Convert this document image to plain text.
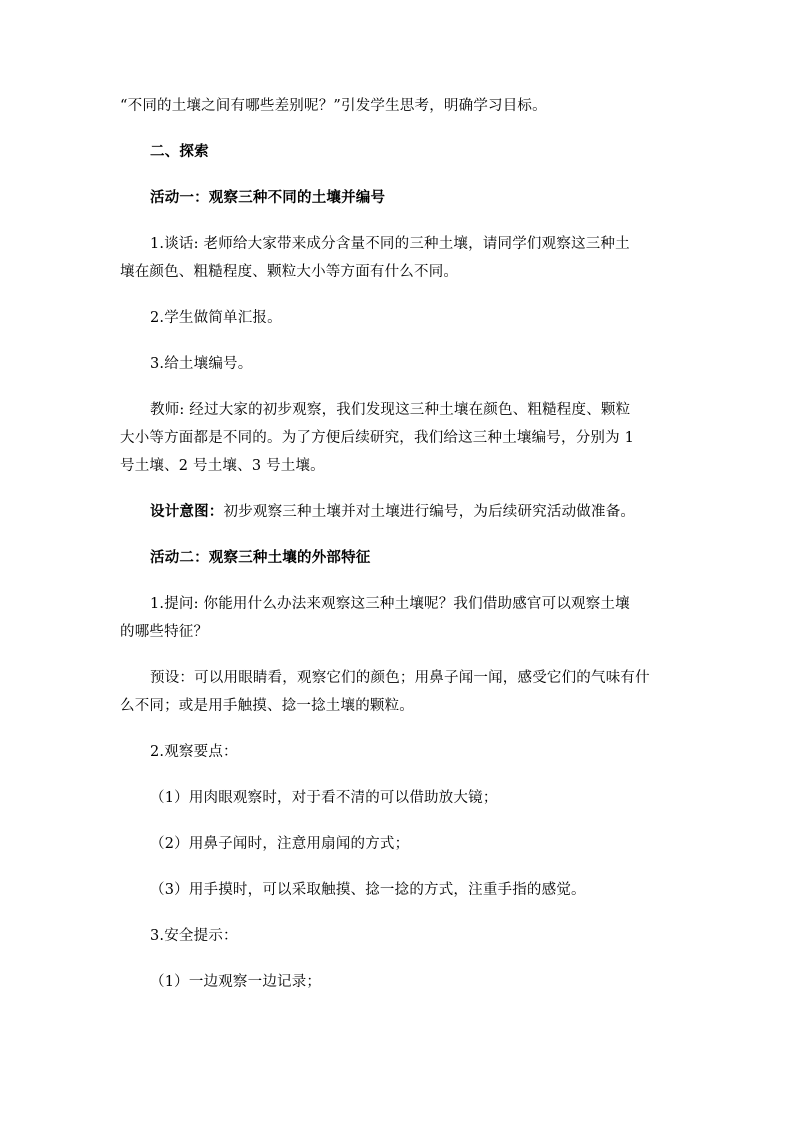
“不同的土壤之间有哪些差别呢？”引发学生思考，明确学习目标。
二、探索
活动一：观察三种不同的土壤并编号
1.谈话: 老师给大家带来成分含量不同的三种土壤，请同学们观察这三种土
壤在颜色、粗糙程度、颗粒大小等方面有什么不同。
2.学生做简单汇报。
3.给土壤编号。
教师: 经过大家的初步观察，我们发现这三种土壤在颜色、粗糙程度、颗粒
大小等方面都是不同的。为了方便后续研究，我们给这三种土壤编号，分别为 1
号土壤、2 号土壤、3 号土壤。
设计意图：初步观察三种土壤并对土壤进行编号，为后续研究活动做准备。
活动二：观察三种土壤的外部特征
1.提问: 你能用什么办法来观察这三种土壤呢？我们借助感官可以观察土壤
的哪些特征？
预设：可以用眼睛看，观察它们的颜色；用鼻子闻一闻，感受它们的气味有什
么不同；或是用手触摸、捻一捻土壤的颗粒。
2.观察要点：
（1）用肉眼观察时，对于看不清的可以借助放大镜；
（2）用鼻子闻时，注意用扇闻的方式；
（3）用手摸时，可以采取触摸、捻一捻的方式，注重手指的感觉。
3.安全提示：
（1）一边观察一边记录；
